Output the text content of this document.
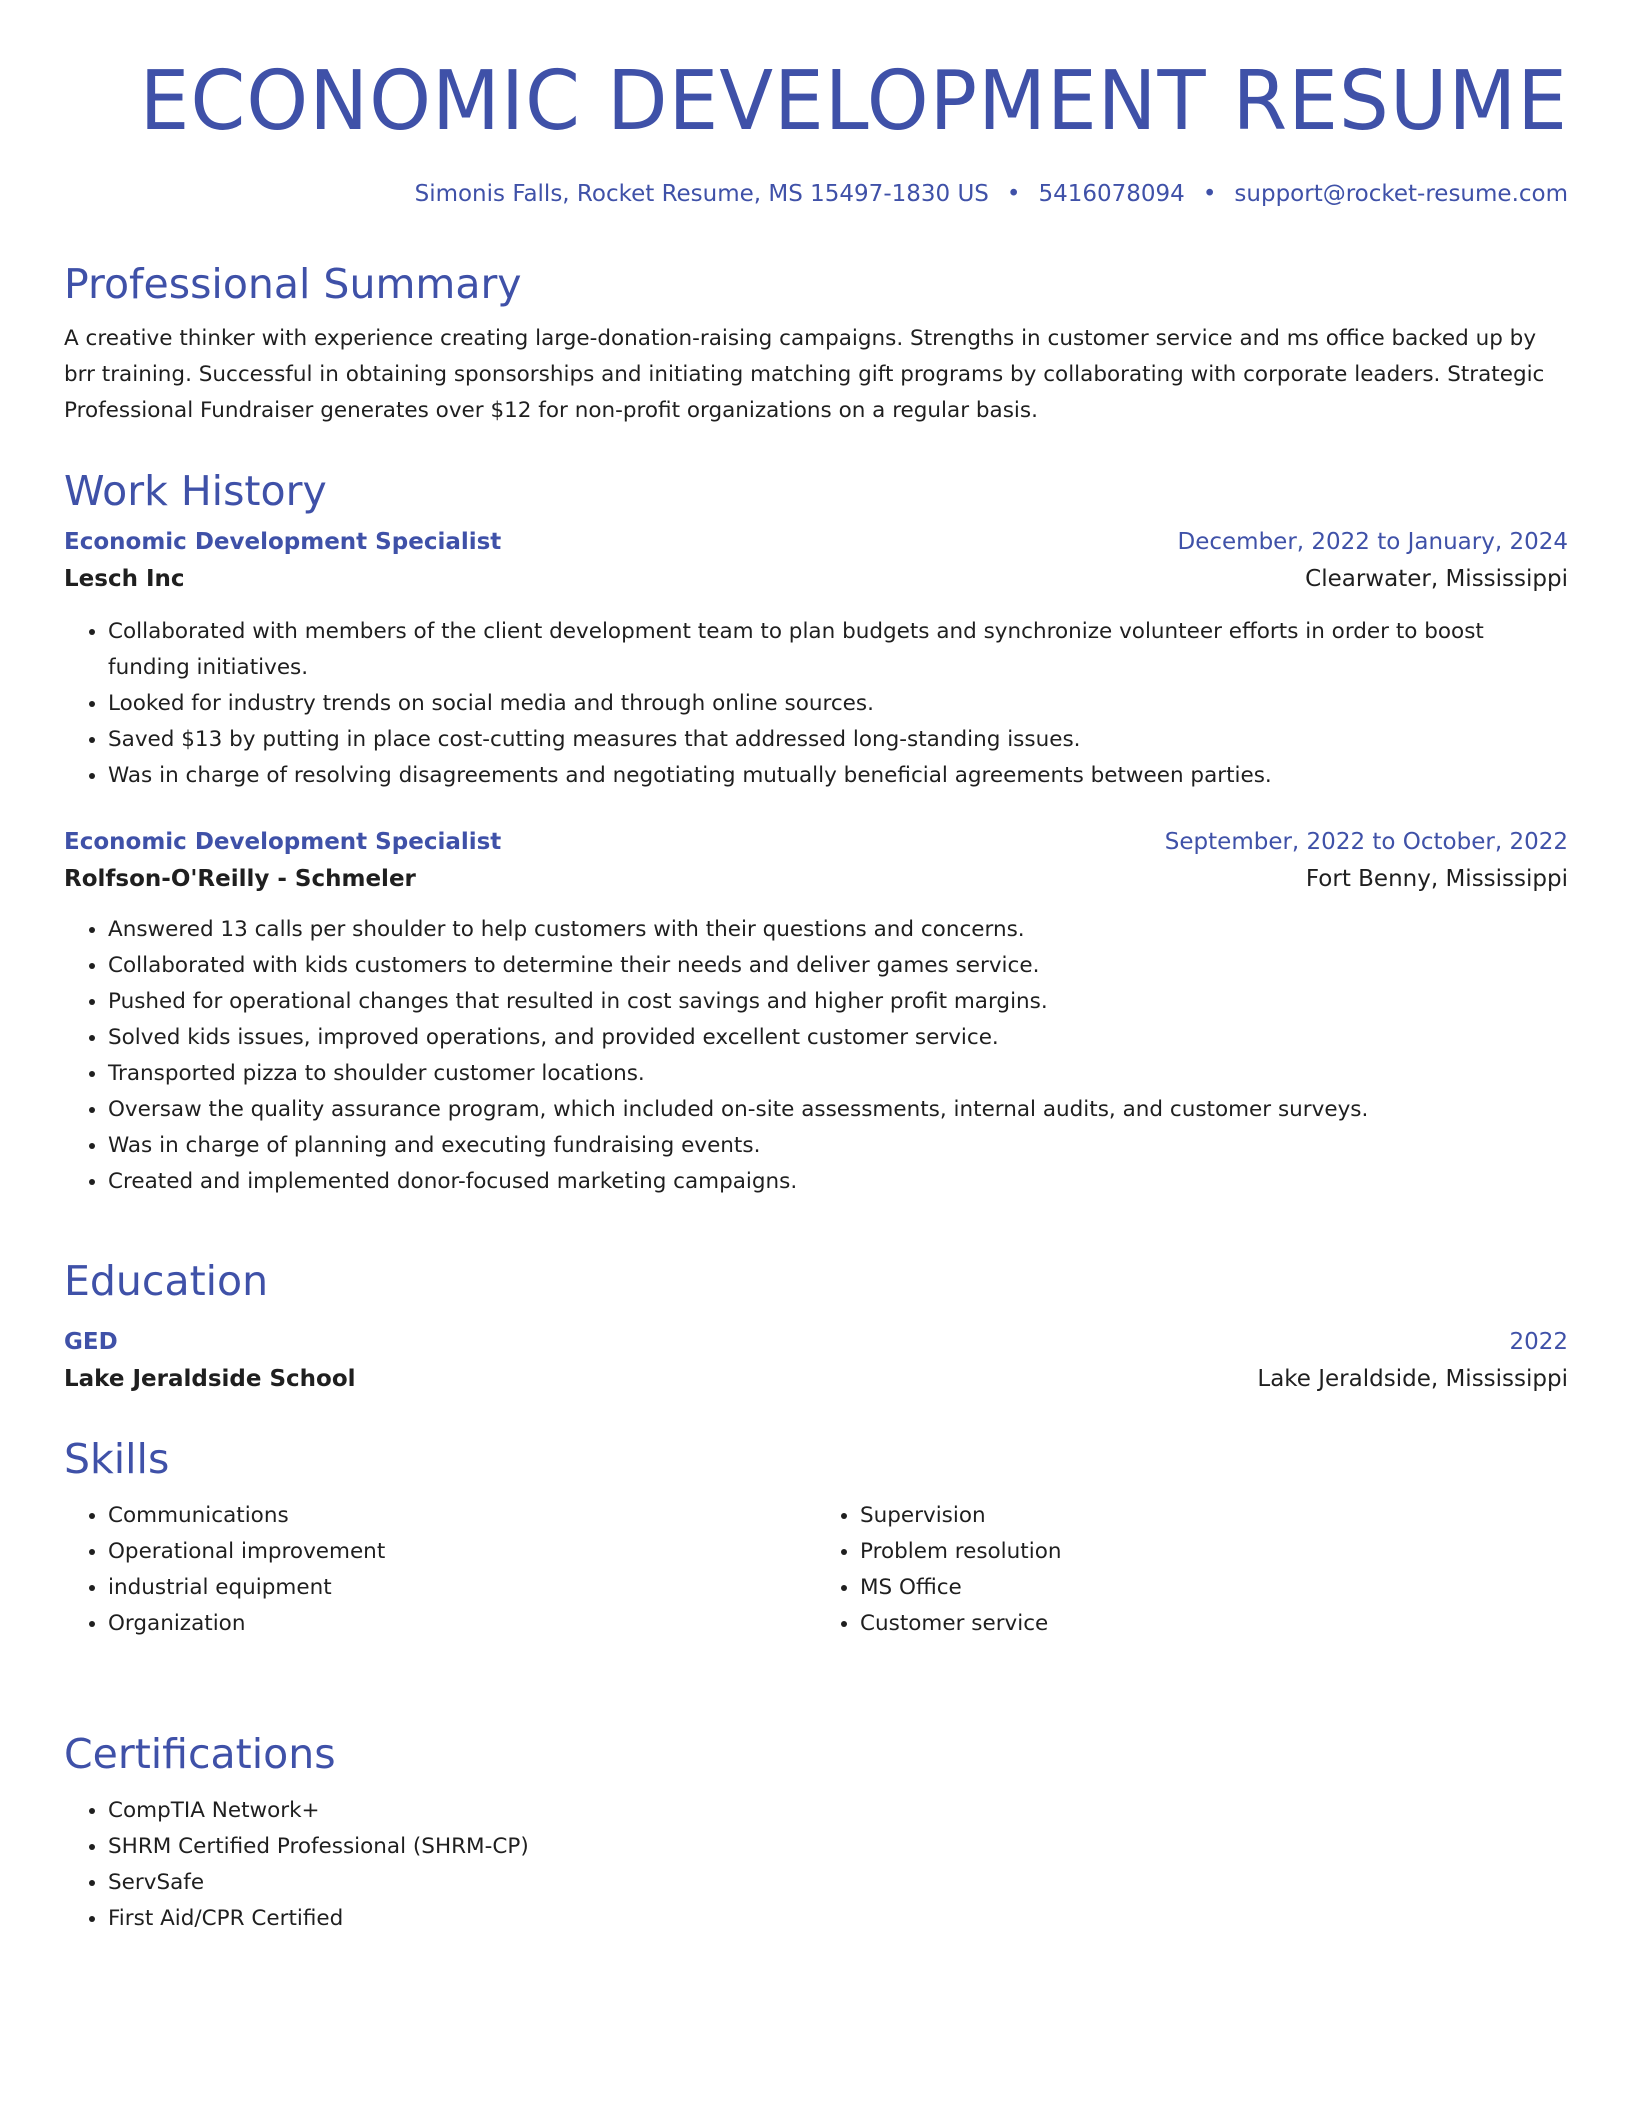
ECONOMIC DEVELOPMENT RESUME
Simonis Falls, Rocket Resume, MS 15497-1830 US • 5416078094 • support@rocket-resume.com
Professional Summary

A creative thinker with experience creating large-donation-raising campaigns. Strengths in customer service and ms office backed up by brr training. Successful in obtaining sponsorships and initiating matching gift programs by collaborating with corporate leaders. Strategic Professional Fundraiser generates over $12 for non-profit organizations on a regular basis.

Work History
Economic Development Specialist	December, 2022 to January, 2024
Lesch Inc	Clearwater, Mississippi
• Collaborated with members of the client development team to plan budgets and synchronize volunteer efforts in order to boost funding initiatives.
• Looked for industry trends on social media and through online sources.
• Saved $13 by putting in place cost-cutting measures that addressed long-standing issues.
• Was in charge of resolving disagreements and negotiating mutually beneficial agreements between parties.
Economic Development Specialist	September, 2022 to October, 2022
Rolfson-O'Reilly - Schmeler	Fort Benny, Mississippi
• Answered 13 calls per shoulder to help customers with their questions and concerns.
• Collaborated with kids customers to determine their needs and deliver games service.
• Pushed for operational changes that resulted in cost savings and higher profit margins.
• Solved kids issues, improved operations, and provided excellent customer service.
• Transported pizza to shoulder customer locations.
• Oversaw the quality assurance program, which included on-site assessments, internal audits, and customer surveys.
• Was in charge of planning and executing fundraising events.
• Created and implemented donor-focused marketing campaigns.
Education
GED	2022
Lake Jeraldside School	Lake Jeraldside, Mississippi
Skills
• Communications
• Operational improvement
• industrial equipment
• Organization
• Supervision
• Problem resolution
• MS Office
• Customer service
Certifications
• CompTIA Network+
• SHRM Certified Professional (SHRM-CP)
• ServSafe
• First Aid/CPR Certified
